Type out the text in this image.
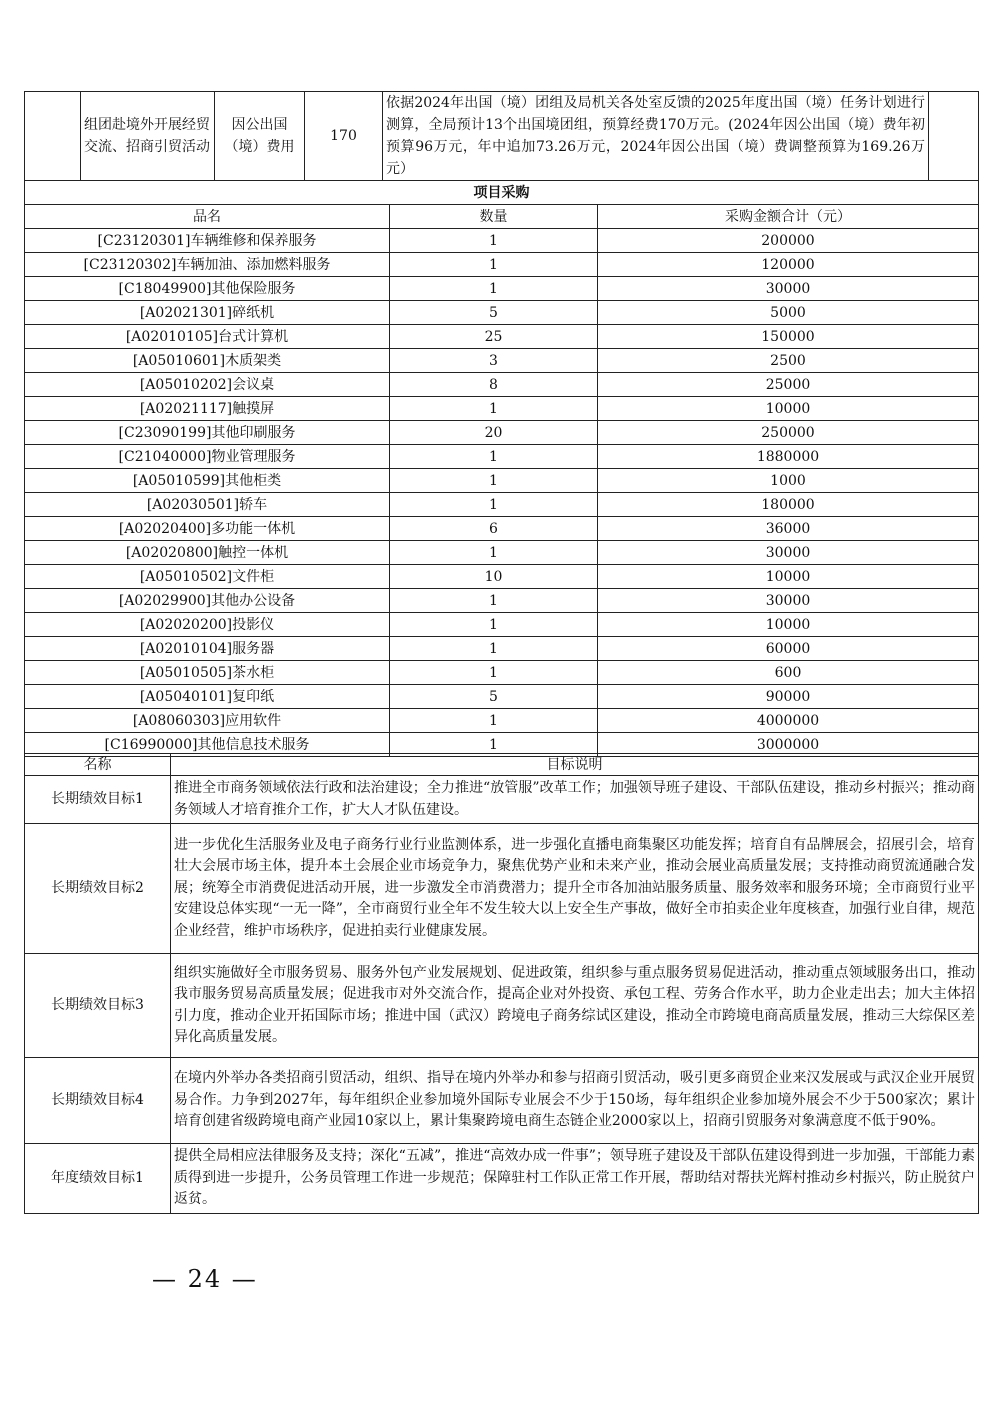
	组团赴境外开展经贸交流、招商引贸活动	因公出国（境）费用	170	依据2024年出国（境）团组及局机关各处室反馈的2025年度出国（境）任务计划进行测算，全局预计13个出国境团组，预算经费170万元。(2024年因公出国（境）费年初预算96万元，年中追加73.26万元，2024年因公出国（境）费调整预算为169.26万元）	
项目采购		
品名	数量	采购金额合计（元）
[C23120301]车辆维修和保养服务	1	200000
[C23120302]车辆加油、添加燃料服务	1	120000
[C18049900]其他保险服务	1	30000
[A02021301]碎纸机	5	5000
[A02010105]台式计算机	25	150000
[A05010601]木质架类	3	2500
[A05010202]会议桌	8	25000
[A02021117]触摸屏	1	10000
[C23090199]其他印刷服务	20	250000
[C21040000]物业管理服务	1	1880000
[A05010599]其他柜类	1	1000
[A02030501]轿车	1	180000
[A02020400]多功能一体机	6	36000
[A02020800]触控一体机	1	30000
[A05010502]文件柜	10	10000
[A02029900]其他办公设备	1	30000
[A02020200]投影仪	1	10000
[A02010104]服务器	1	60000
[A05010505]茶水柜	1	600
[A05040101]复印纸	5	90000
[A08060303]应用软件	1	4000000
[C16990000]其他信息技术服务	1	3000000
名称	目标说明
长期绩效目标1	推进全市商务领域依法行政和法治建设；全力推进“放管服”改革工作；加强领导班子建设、干部队伍建设，推动乡村振兴；推动商务领域人才培育推介工作，扩大人才队伍建设。
长期绩效目标2	进一步优化生活服务业及电子商务行业行业监测体系，进一步强化直播电商集聚区功能发挥；培育自有品牌展会，招展引会，培育壮大会展市场主体，提升本土会展企业市场竞争力，聚焦优势产业和未来产业，推动会展业高质量发展；支持推动商贸流通融合发展；统筹全市消费促进活动开展，进一步激发全市消费潜力；提升全市各加油站服务质量、服务效率和服务环境；全市商贸行业平安建设总体实现“一无一降”，全市商贸行业全年不发生较大以上安全生产事故，做好全市拍卖企业年度核查，加强行业自律，规范企业经营，维护市场秩序，促进拍卖行业健康发展。
长期绩效目标3	组织实施做好全市服务贸易、服务外包产业发展规划、促进政策，组织参与重点服务贸易促进活动，推动重点领域服务出口，推动我市服务贸易高质量发展；促进我市对外交流合作，提高企业对外投资、承包工程、劳务合作水平，助力企业走出去；加大主体招引力度，推动企业开拓国际市场；推进中国（武汉）跨境电子商务综试区建设，推动全市跨境电商高质量发展，推动三大综保区差异化高质量发展。
长期绩效目标4	在境内外举办各类招商引贸活动，组织、指导在境内外举办和参与招商引贸活动，吸引更多商贸企业来汉发展或与武汉企业开展贸易合作。力争到2027年，每年组织企业参加境外国际专业展会不少于150场，每年组织企业参加境外展会不少于500家次；累计培育创建省级跨境电商产业园10家以上，累计集聚跨境电商生态链企业2000家以上，招商引贸服务对象满意度不低于90%。
年度绩效目标1	提供全局相应法律服务及支持；深化“五减”，推进“高效办成一件事”；领导班子建设及干部队伍建设得到进一步加强，干部能力素质得到进一步提升，公务员管理工作进一步规范；保障驻村工作队正常工作开展，帮助结对帮扶光辉村推动乡村振兴，防止脱贫户返贫。
— 24 —
